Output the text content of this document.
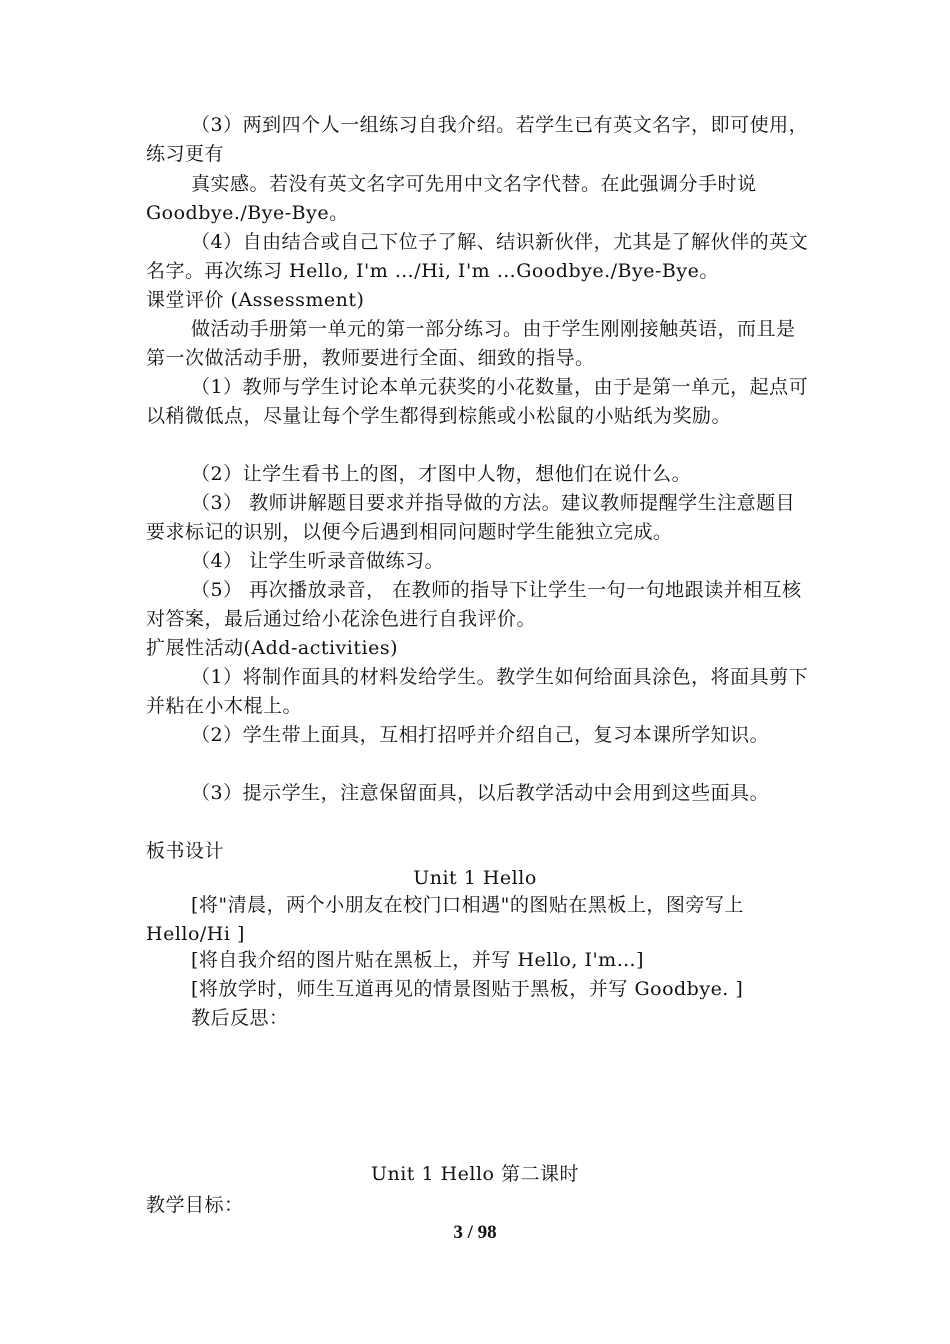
（3）两到四个人一组练习自我介绍。若学生已有英文名字，即可使用，练习更有
真实感。若没有英文名字可先用中文名字代替。在此强调分手时说 Goodbye./Bye-Bye。
（4）自由结合或自己下位子了解、结识新伙伴，尤其是了解伙伴的英文名字。再次练习 Hello, I'm …/Hi, I'm …Goodbye./Bye-Bye。
课堂评价 (Assessment)
做活动手册第一单元的第一部分练习。由于学生刚刚接触英语，而且是第一次做活动手册，教师要进行全面、细致的指导。
（1）教师与学生讨论本单元获奖的小花数量，由于是第一单元，起点可以稍微低点，尽量让每个学生都得到棕熊或小松鼠的小贴纸为奖励。
（2）让学生看书上的图，才图中人物，想他们在说什么。
（3） 教师讲解题目要求并指导做的方法。建议教师提醒学生注意题目要求标记的识别，以便今后遇到相同问题时学生能独立完成。
（4） 让学生听录音做练习。
（5） 再次播放录音， 在教师的指导下让学生一句一句地跟读并相互核对答案，最后通过给小花涂色进行自我评价。
扩展性活动(Add-activities)
（1）将制作面具的材料发给学生。教学生如何给面具涂色，将面具剪下并粘在小木棍上。
（2）学生带上面具，互相打招呼并介绍自己，复习本课所学知识。
（3）提示学生，注意保留面具，以后教学活动中会用到这些面具。
板书设计
Unit 1 Hello
[将"清晨，两个小朋友在校门口相遇"的图贴在黑板上，图旁写上 Hello/Hi ]
[将自我介绍的图片贴在黑板上，并写 Hello, I'm…]
[将放学时，师生互道再见的情景图贴于黑板，并写 Goodbye. ]
教后反思：
Unit 1 Hello 第二课时
教学目标：
3 / 98
